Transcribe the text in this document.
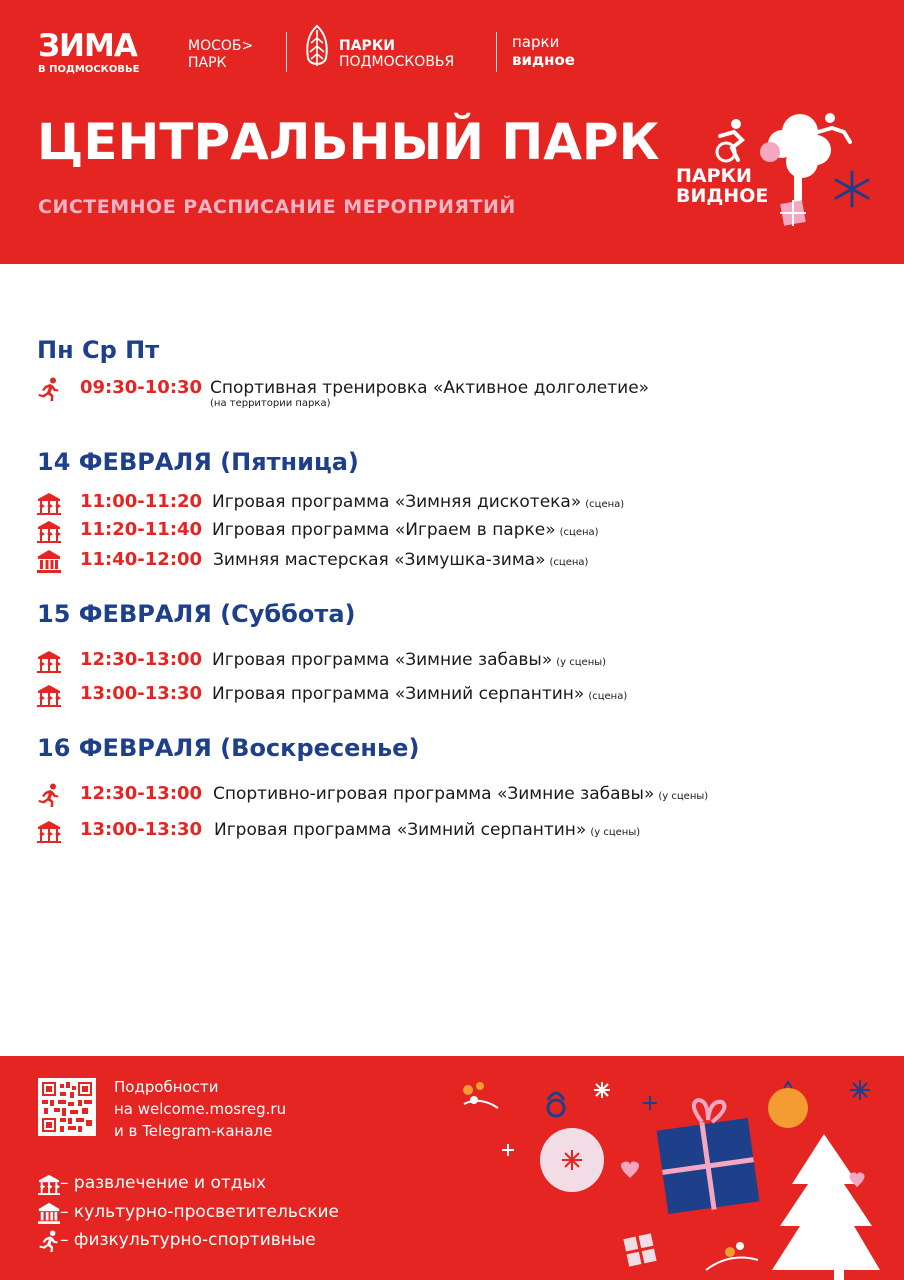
ЗИМА
В ПОДМОСКОВЬЕ
МОСОБ>
ПАРК
ПАРКИ
ПОДМОСКОВЬЯ
парки
видное
ЦЕНТРАЛЬНЫЙ ПАРК
СИСТЕМНОЕ РАСПИСАНИЕ МЕРОПРИЯТИЙ
ПАРКИ
ВИДНОЕ
Пн Ср Пт
09:30-10:30 Спортивная тренировка «Активное долголетие»
(на территории парка)
14 ФЕВРАЛЯ (Пятница)
11:00-11:20 Игровая программа «Зимняя дискотека» (сцена)
11:20-11:40 Игровая программа «Играем в парке» (сцена)
11:40-12:00 Зимняя мастерская «Зимушка-зима» (сцена)
15 ФЕВРАЛЯ (Суббота)
12:30-13:00 Игровая программа «Зимние забавы» (у сцены)
13:00-13:30 Игровая программа «Зимний серпантин» (сцена)
16 ФЕВРАЛЯ (Воскресенье)
12:30-13:00 Спортивно-игровая программа «Зимние забавы» (у сцены)
13:00-13:30 Игровая программа «Зимний серпантин» (у сцены)
Подробности
на welcome.mosreg.ru
и в Telegram-канале
– развлечение и отдых
– культурно-просветительские
– физкультурно-спортивные
